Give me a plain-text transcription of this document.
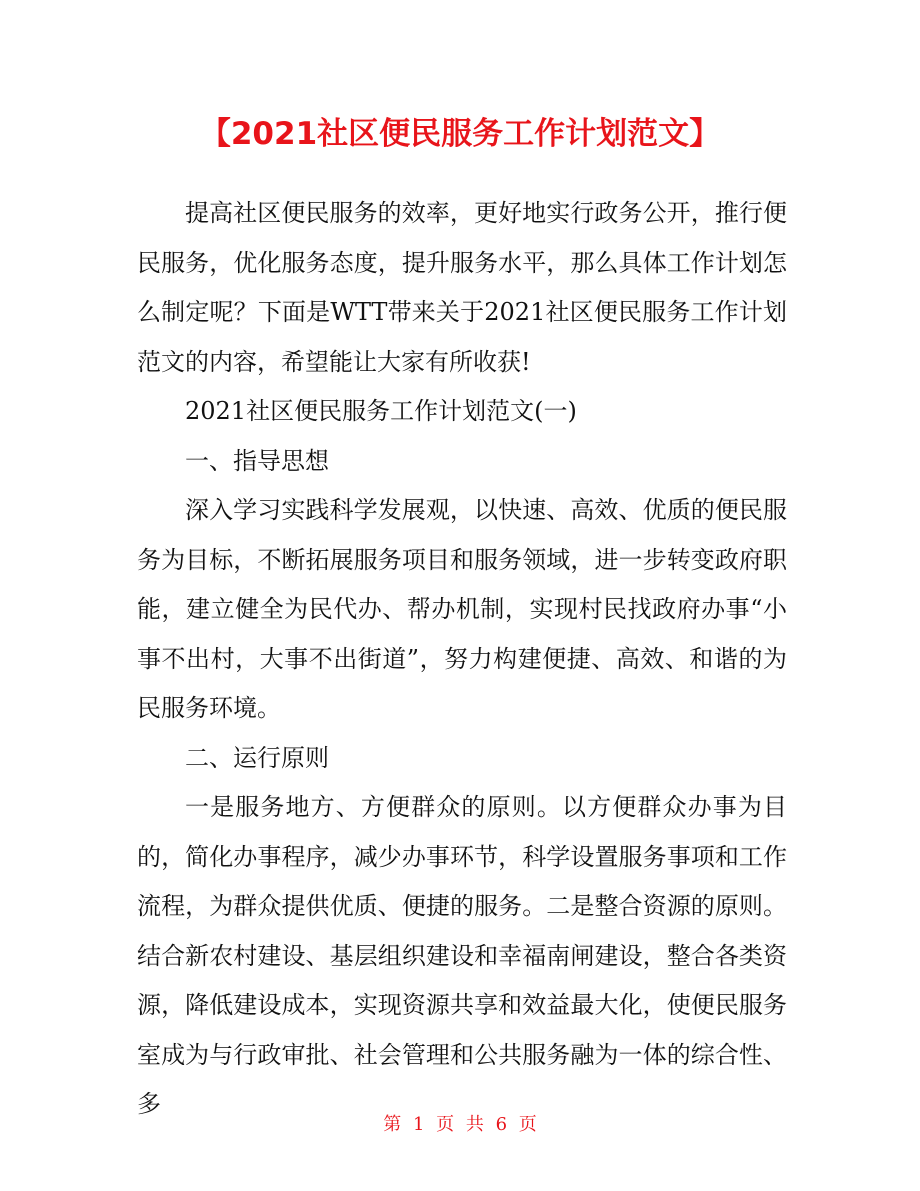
【2021社区便民服务工作计划范文】

提高社区便民服务的效率，更好地实行政务公开，推行便民服务，优化服务态度，提升服务水平，那么具体工作计划怎么制定呢？下面是WTT带来关于2021社区便民服务工作计划范文的内容，希望能让大家有所收获!

2021社区便民服务工作计划范文(一)

一、指导思想

深入学习实践科学发展观，以快速、高效、优质的便民服务为目标，不断拓展服务项目和服务领域，进一步转变政府职能，建立健全为民代办、帮办机制，实现村民找政府办事“小事不出村，大事不出街道”，努力构建便捷、高效、和谐的为民服务环境。

二、运行原则

一是服务地方、方便群众的原则。以方便群众办事为目的，简化办事程序，减少办事环节，科学设置服务事项和工作流程，为群众提供优质、便捷的服务。二是整合资源的原则。结合新农村建设、基层组织建设和幸福南闸建设，整合各类资源，降低建设成本，实现资源共享和效益最大化，使便民服务室成为与行政审批、社会管理和公共服务融为一体的综合性、多

第 1 页 共 6 页
